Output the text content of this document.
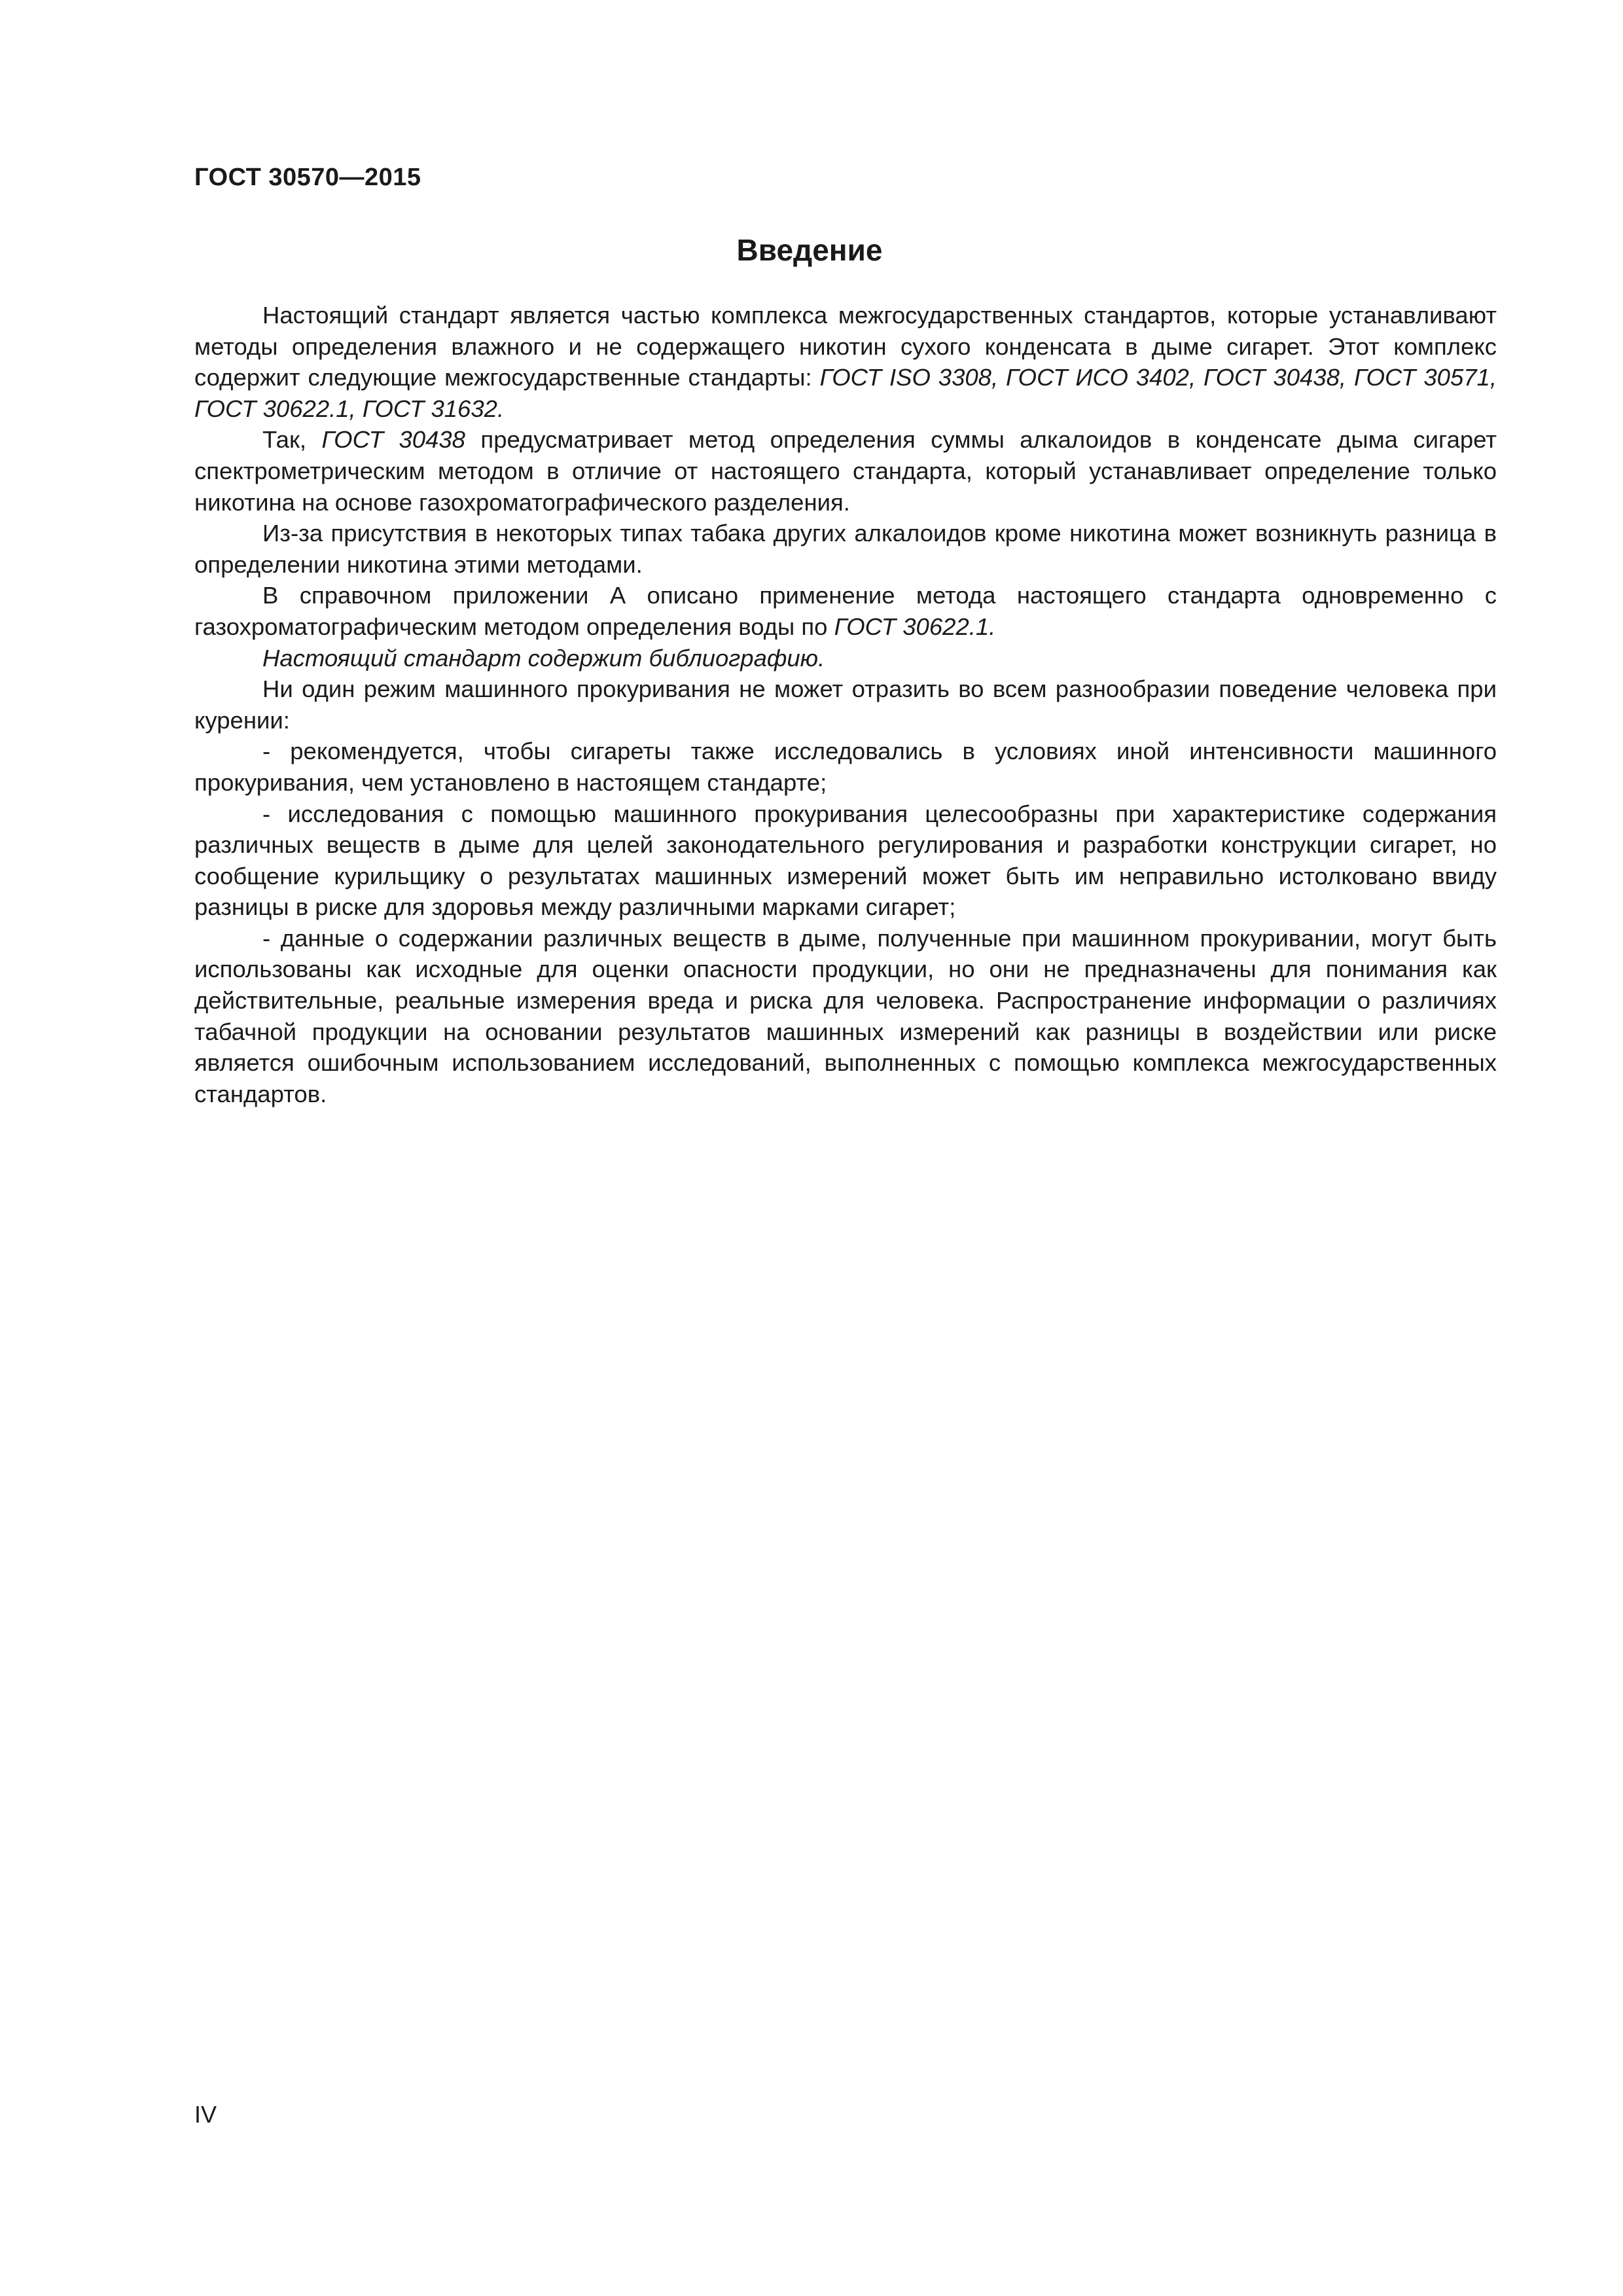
ГОСТ 30570—2015
Введение

Настоящий стандарт является частью комплекса межгосударственных стандартов, которые устанавливают методы определения влажного и не содержащего никотин сухого конденсата в дыме сигарет. Этот комплекс содержит следующие межгосударственные стандарты: ГОСТ ISO 3308, ГОСТ ИСО 3402, ГОСТ 30438, ГОСТ 30571, ГОСТ 30622.1, ГОСТ 31632.

Так, ГОСТ 30438 предусматривает метод определения суммы алкалоидов в конденсате дыма сигарет спектрометрическим методом в отличие от настоящего стандарта, который устанавливает определение только никотина на основе газохроматографического разделения.

Из-за присутствия в некоторых типах табака других алкалоидов кроме никотина может возникнуть разница в определении никотина этими методами.

В справочном приложении А описано применение метода настоящего стандарта одновременно с газохроматографическим методом определения воды по ГОСТ 30622.1.

Настоящий стандарт содержит библиографию.

Ни один режим машинного прокуривания не может отразить во всем разнообразии поведение человека при курении:

- рекомендуется, чтобы сигареты также исследовались в условиях иной интенсивности машинного прокуривания, чем установлено в настоящем стандарте;

- исследования с помощью машинного прокуривания целесообразны при характеристике содержания различных веществ в дыме для целей законодательного регулирования и разработки конструкции сигарет, но сообщение курильщику о результатах машинных измерений может быть им неправильно истолковано ввиду разницы в риске для здоровья между различными марками сигарет;

- данные о содержании различных веществ в дыме, полученные при машинном прокуривании, могут быть использованы как исходные для оценки опасности продукции, но они не предназначены для понимания как действительные, реальные измерения вреда и риска для человека. Распространение информации о различиях табачной продукции на основании результатов машинных измерений как разницы в воздействии или риске является ошибочным использованием исследований, выполненных с помощью комплекса межгосударственных стандартов.

IV
